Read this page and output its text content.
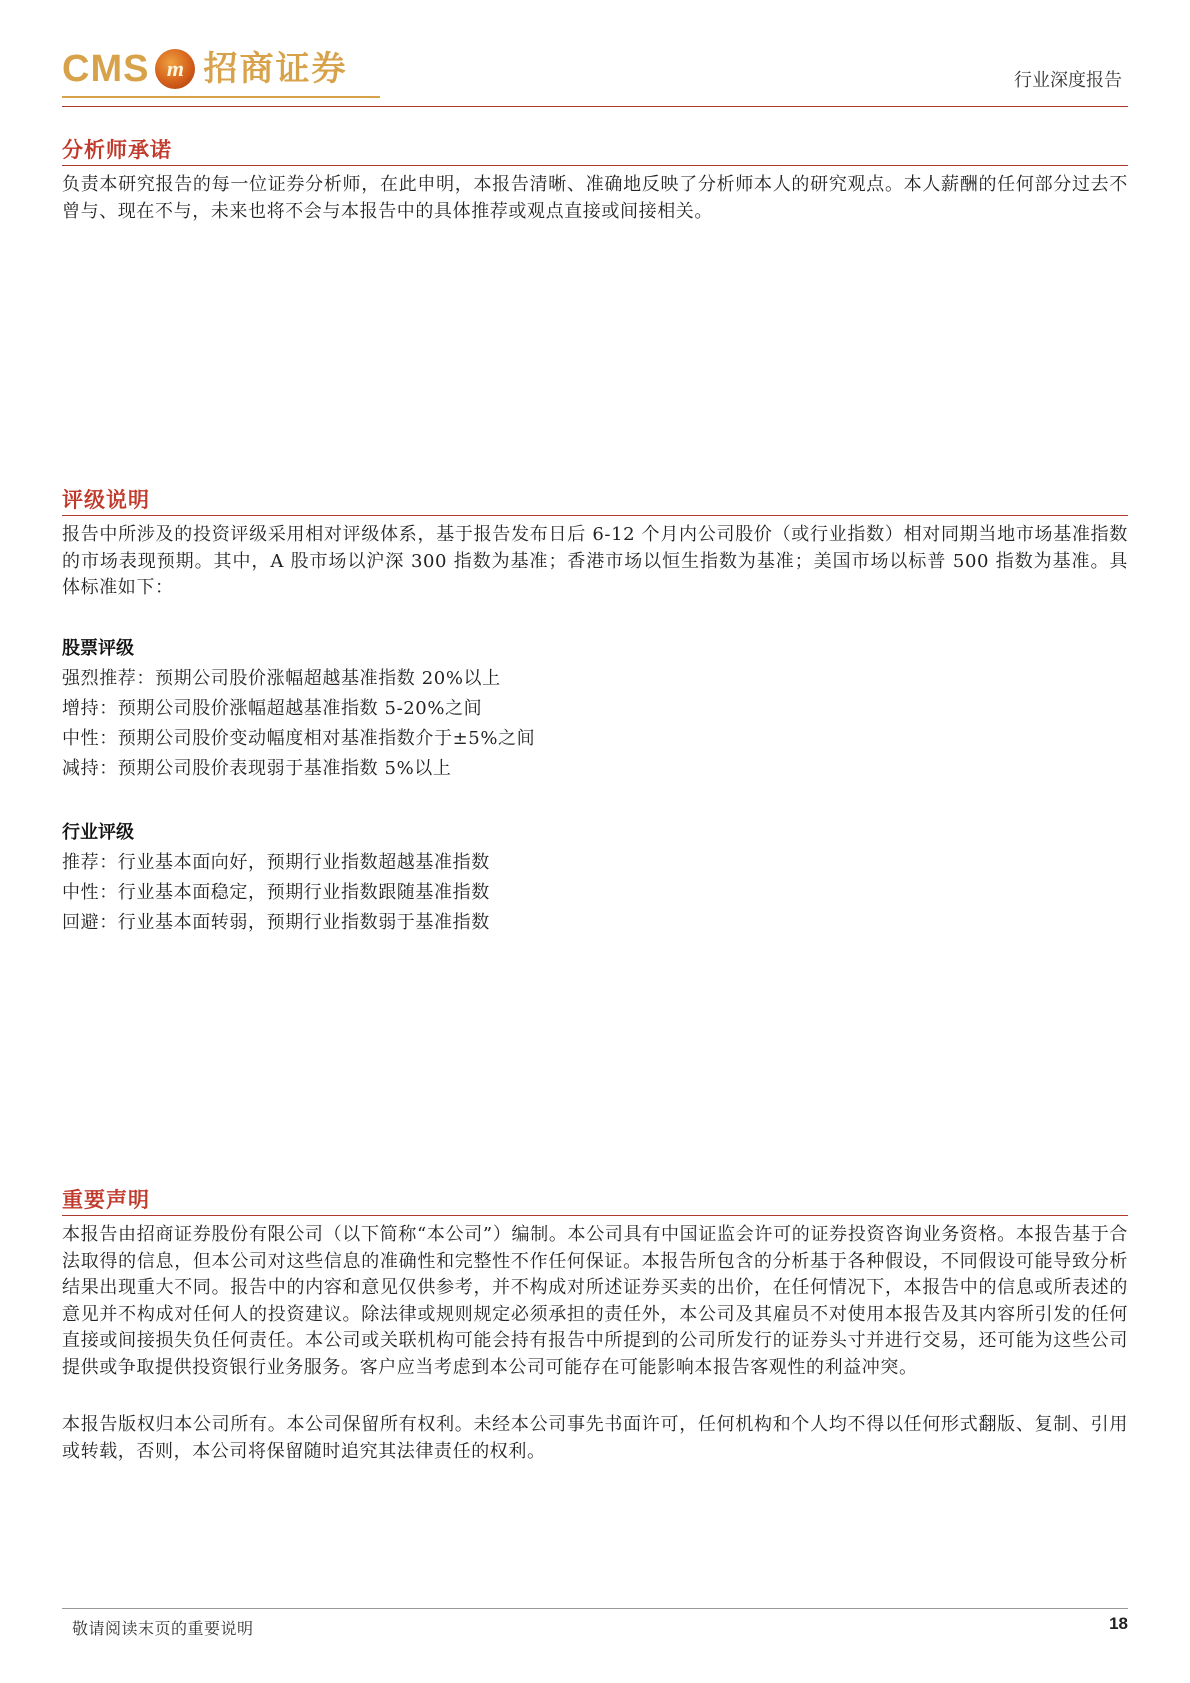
CMS m 招商证券	行业深度报告
分析师承诺

负责本研究报告的每一位证券分析师，在此申明，本报告清晰、准确地反映了分析师本人的研究观点。本人薪酬的任何部分过去不曾与、现在不与，未来也将不会与本报告中的具体推荐或观点直接或间接相关。

评级说明

报告中所涉及的投资评级采用相对评级体系，基于报告发布日后 6-12 个月内公司股价（或行业指数）相对同期当地市场基准指数的市场表现预期。其中，A 股市场以沪深 300 指数为基准；香港市场以恒生指数为基准；美国市场以标普 500 指数为基准。具体标准如下：

股票评级
强烈推荐：预期公司股价涨幅超越基准指数 20%以上
增持：预期公司股价涨幅超越基准指数 5-20%之间
中性：预期公司股价变动幅度相对基准指数介于±5%之间
减持：预期公司股价表现弱于基准指数 5%以上
行业评级
推荐：行业基本面向好，预期行业指数超越基准指数
中性：行业基本面稳定，预期行业指数跟随基准指数
回避：行业基本面转弱，预期行业指数弱于基准指数
重要声明

本报告由招商证券股份有限公司（以下简称“本公司”）编制。本公司具有中国证监会许可的证券投资咨询业务资格。本报告基于合法取得的信息，但本公司对这些信息的准确性和完整性不作任何保证。本报告所包含的分析基于各种假设，不同假设可能导致分析结果出现重大不同。报告中的内容和意见仅供参考，并不构成对所述证券买卖的出价，在任何情况下，本报告中的信息或所表述的意见并不构成对任何人的投资建议。除法律或规则规定必须承担的责任外，本公司及其雇员不对使用本报告及其内容所引发的任何直接或间接损失负任何责任。本公司或关联机构可能会持有报告中所提到的公司所发行的证券头寸并进行交易，还可能为这些公司提供或争取提供投资银行业务服务。客户应当考虑到本公司可能存在可能影响本报告客观性的利益冲突。

本报告版权归本公司所有。本公司保留所有权利。未经本公司事先书面许可，任何机构和个人均不得以任何形式翻版、复制、引用或转载，否则，本公司将保留随时追究其法律责任的权利。

敬请阅读末页的重要说明	18
